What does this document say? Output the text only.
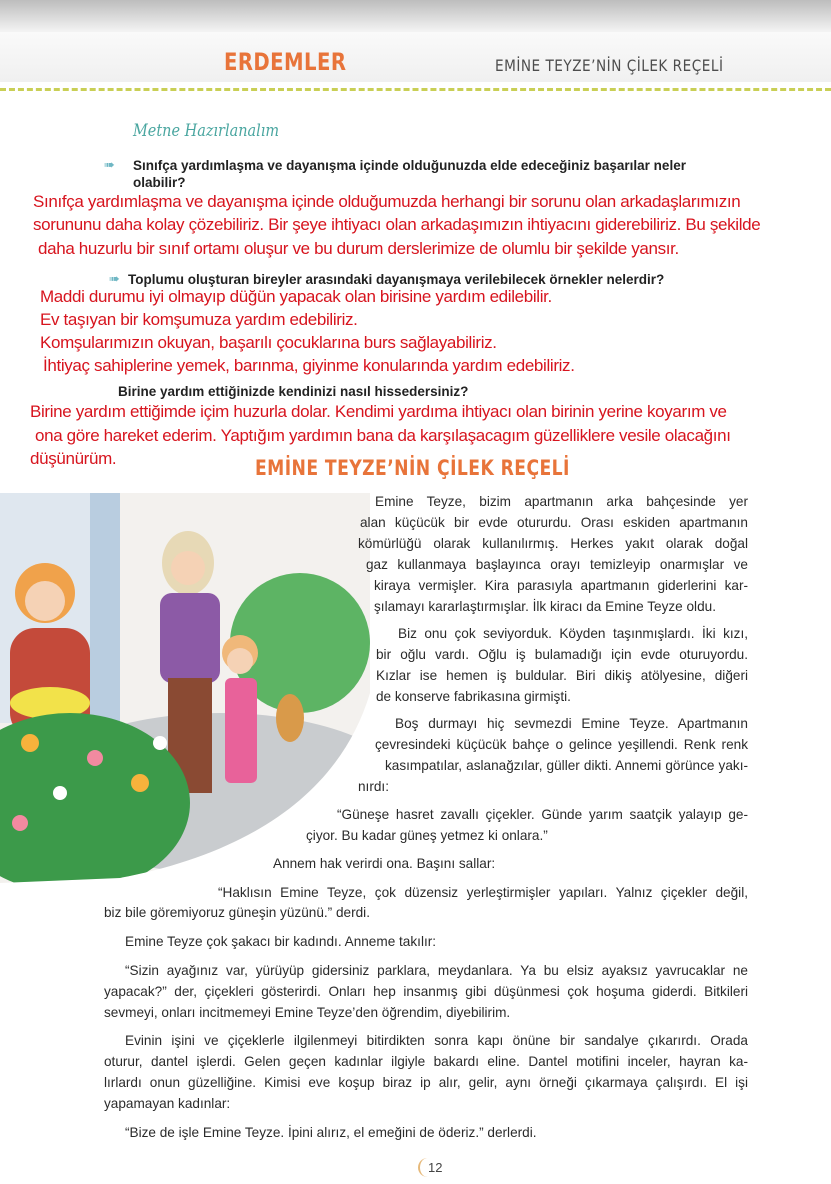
ERDEMLER	EMİNE TEYZE’NİN ÇİLEK REÇELİ
Metne Hazırlanalım
➠ Sınıfça yardımlaşma ve dayanışma içinde olduğunuzda elde edeceğiniz başarılar neler
olabilir?
Sınıfça yardımlaşma ve dayanışma içinde olduğumuzda herhangi bir sorunu olan arkadaşlarımızın
sorununu daha kolay çözebiliriz. Bir şeye ihtiyacı olan arkadaşımızın ihtiyacını giderebiliriz. Bu şekilde
daha huzurlu bir sınıf ortamı oluşur ve bu durum derslerimize de olumlu bir şekilde yansır.
➠ Toplumu oluşturan bireyler arasındaki dayanışmaya verilebilecek örnekler nelerdir?
Maddi durumu iyi olmayıp düğün yapacak olan birisine yardım edilebilir.
Ev taşıyan bir komşumuza yardım edebiliriz.
Komşularımızın okuyan, başarılı çocuklarına burs sağlayabiliriz.
İhtiyaç sahiplerine yemek, barınma, giyinme konularında yardım edebiliriz.
Birine yardım ettiğinizde kendinizi nasıl hissedersiniz?
Birine yardım ettiğimde içim huzurla dolar. Kendimi yardıma ihtiyacı olan birinin yerine koyarım ve
ona göre hareket ederim. Yaptığım yardımın bana da karşılaşacagım güzelliklere vesile olacağını
düşünürüm.	EMİNE TEYZE’NİN ÇİLEK REÇELİ
Emine Teyze, bizim apartmanın arka bahçesinde yer
alan küçücük bir evde otururdu. Orası eskiden apartmanın
kömürlüğü olarak kullanılırmış. Herkes yakıt olarak doğal
gaz kullanmaya başlayınca orayı temizleyip onarmışlar ve
kiraya vermişler. Kira parasıyla apartmanın giderlerini kar-
şılamayı kararlaştırmışlar. İlk kiracı da Emine Teyze oldu.
Biz onu çok seviyorduk. Köyden taşınmışlardı. İki kızı,
bir oğlu vardı. Oğlu iş bulamadığı için evde oturuyordu.
Kızlar ise hemen iş buldular. Biri dikiş atölyesine, diğeri
de konserve fabrikasına girmişti.
Boş durmayı hiç sevmezdi Emine Teyze. Apartmanın
çevresindeki küçücük bahçe o gelince yeşillendi. Renk renk
kasımpatılar, aslanağzılar, güller dikti. Annemi görünce yakı-
nırdı:
“Güneşe hasret zavallı çiçekler. Günde yarım saatçik yalayıp ge-
çiyor. Bu kadar güneş yetmez ki onlara.”
Annem hak verirdi ona. Başını sallar:
“Haklısın Emine Teyze, çok düzensiz yerleştirmişler yapıları. Yalnız çiçekler değil,
biz bile göremiyoruz güneşin yüzünü.” derdi.
Emine Teyze çok şakacı bir kadındı. Anneme takılır:
“Sizin ayağınız var, yürüyüp gidersiniz parklara, meydanlara. Ya bu elsiz ayaksız yavrucaklar ne
yapacak?” der, çiçekleri gösterirdi. Onları hep insanmış gibi düşünmesi çok hoşuma giderdi. Bitkileri
sevmeyi, onları incitmemeyi Emine Teyze’den öğrendim, diyebilirim.
Evinin işini ve çiçeklerle ilgilenmeyi bitirdikten sonra kapı önüne bir sandalye çıkarırdı. Orada
oturur, dantel işlerdi. Gelen geçen kadınlar ilgiyle bakardı eline. Dantel motifini inceler, hayran ka-
lırlardı onun güzelliğine. Kimisi eve koşup biraz ip alır, gelir, aynı örneği çıkarmaya çalışırdı. El işi
yapamayan kadınlar:
“Bize de işle Emine Teyze. İpini alırız, el emeğini de öderiz.” derlerdi.
12
